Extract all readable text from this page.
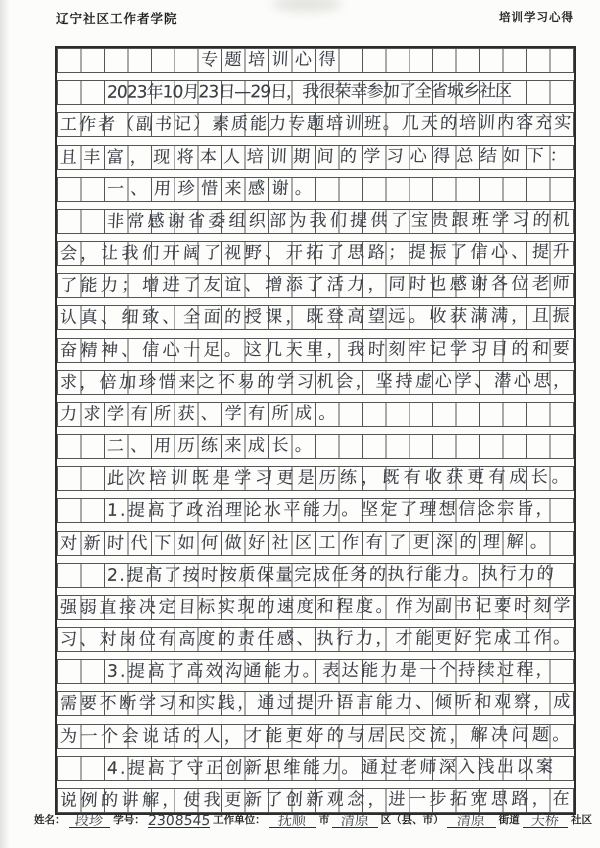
辽宁社区工作者学院	培训学习心得
专题培训心得
2023年10月23日—29日，我很荣幸参加了全省城乡社区
工作者（副书记）素质能力专题培训班。几天的培训内容充实
且丰富，现将本人培训期间的学习心得总结如下：
一、用珍惜来感谢。
非常感谢省委组织部为我们提供了宝贵跟班学习的机
会，让我们开阔了视野、开拓了思路；提振了信心、提升
了能力；增进了友谊、增添了活力，同时也感谢各位老师
认真、细致、全面的授课，既登高望远。收获满满，且振
奋精神、信心十足。这几天里，我时刻牢记学习目的和要
求，倍加珍惜来之不易的学习机会，坚持虚心学、潜心思，
力求学有所获、学有所成。
二、用历练来成长。
此次培训既是学习更是历练，既有收获更有成长。
1.提高了政治理论水平能力。坚定了理想信念宗旨，
对新时代下如何做好社区工作有了更深的理解。
2.提高了按时按质保量完成任务的执行能力。执行力的
强弱直接决定目标实现的速度和程度。作为副书记要时刻学
习、对岗位有高度的责任感、执行力，才能更好完成工作。
3.提高了高效沟通能力。表达能力是一个持续过程，
需要不断学习和实践，通过提升语言能力、倾听和观察，成
为一个会说话的人，才能更好的与居民交流，解决问题。
4.提高了守正创新思维能力。通过老师深入浅出以案
说例的讲解，使我更新了创新观念，进一步拓宽思路，在
姓名： 段珍 学号： 2308545 工作单位： 抚顺	市 清原	区（县、市） 清原	街道 天桥	社区
